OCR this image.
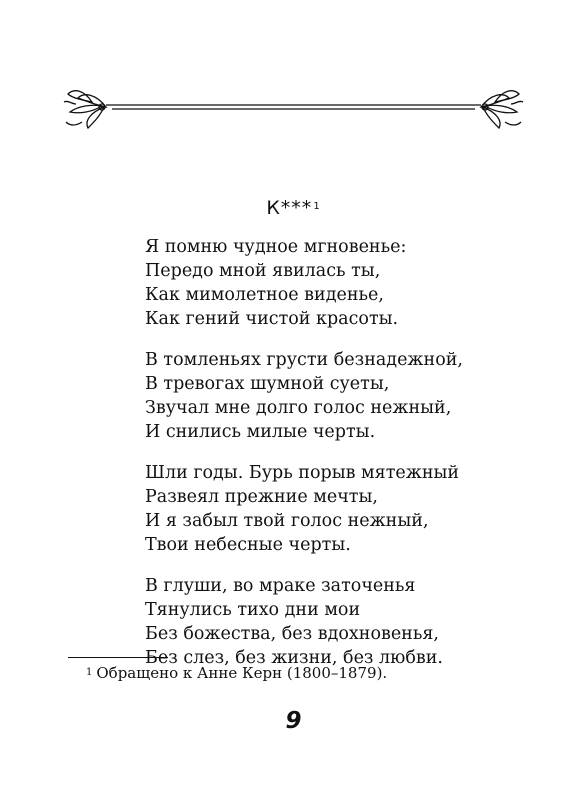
К***$^1$
Я помню чудное мгновенье:
Передо мной явилась ты,
Как мимолетное виденье,
Как гений чистой красоты.
В томленьях грусти безнадежной,
В тревогах шумной суеты,
Звучал мне долго голос нежный,
И снились милые черты.
Шли годы. Бурь порыв мятежный
Развеял прежние мечты,
И я забыл твой голос нежный,
Твои небесные черты.
В глуши, во мраке заточенья
Тянулись тихо дни мои
Без божества, без вдохновенья,
Без слез, без жизни, без любви.
$^1$ Обращено к Анне Керн (1800–1879).
9
